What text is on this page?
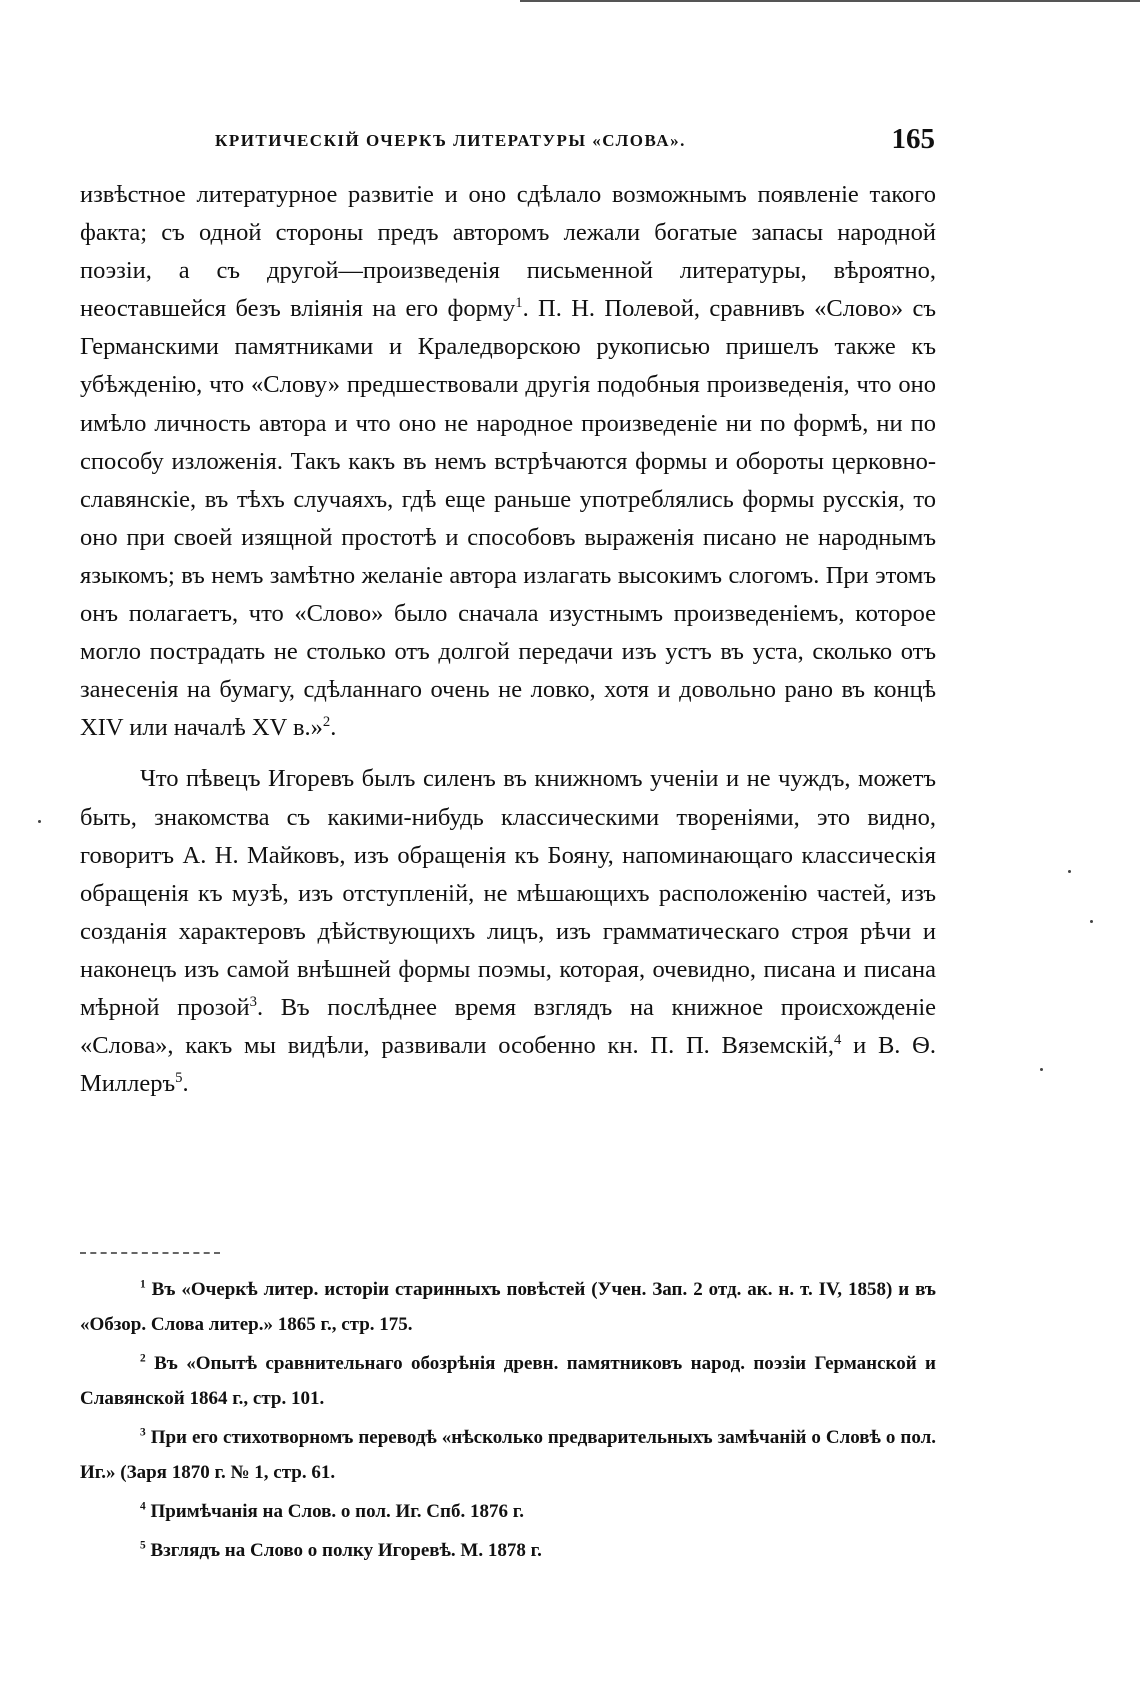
КРИТИЧЕСКІЙ ОЧЕРКЪ ЛИТЕРАТУРЫ «СЛОВА».	165

извѣстное литературное развитіе и оно сдѣлало возможнымъ появленіе такого факта; съ одной стороны предъ авторомъ лежали богатые запасы народной поэзіи, а съ другой—произведенія письменной литературы, вѣроятно, неоставшейся безъ вліянія на его форму$^1$. П. Н. Полевой, сравнивъ «Слово» съ Германскими памятниками и Краледворскою рукописью пришелъ также къ убѣжденію, что «Слову» предшествовали другія подобныя произведенія, что оно имѣло личность автора и что оно не народное произведеніе ни по формѣ, ни по способу изложенія. Такъ какъ въ немъ встрѣчаются формы и обороты церковно-славянскіе, въ тѣхъ случаяхъ, гдѣ еще раньше употреблялись формы русскія, то оно при своей изящной простотѣ и способовъ выраженія писано не народнымъ языкомъ; въ немъ замѣтно желаніе автора излагать высокимъ слогомъ. При этомъ онъ полагаетъ, что «Слово» было сначала изустнымъ произведеніемъ, которое могло пострадать не столько отъ долгой передачи изъ устъ въ уста, сколько отъ занесенія на бумагу, сдѣланнаго очень не ловко, хотя и довольно рано въ концѣ XIV или началѣ XV в.»$^2$.

Что пѣвецъ Игоревъ былъ силенъ въ книжномъ ученіи и не чуждъ, можетъ быть, знакомства съ какими-нибудь классическими твореніями, это видно, говоритъ А. Н. Майковъ, изъ обращенія къ Бояну, напоминающаго классическія обращенія къ музѣ, изъ отступленій, не мѣшающихъ расположенію частей, изъ созданія характеровъ дѣйствующихъ лицъ, изъ грамматическаго строя рѣчи и наконецъ изъ самой внѣшней формы поэмы, которая, очевидно, писана и писана мѣрной прозой$^3$. Въ послѣднее время взглядъ на книжное происхожденіе «Слова», какъ мы видѣли, развивали особенно кн. П. П. Вяземскій,$^4$ и В. Ѳ. Миллеръ$^5$.

$^1$ Въ «Очеркѣ литер. исторіи старинныхъ повѣстей (Учен. Зап. 2 отд. ак. н. т. IV, 1858) и въ «Обзор. Слова литер.» 1865 г., стр. 175.

$^2$ Въ «Опытѣ сравнительнаго обозрѣнія древн. памятниковъ народ. поэзіи Германской и Славянской 1864 г., стр. 101.

$^3$ При его стихотворномъ переводѣ «нѣсколько предварительныхъ замѣчаній о Словѣ о пол. Иг.» (Заря 1870 г. № 1, стр. 61.

$^4$ Примѣчанія на Слов. о пол. Иг. Спб. 1876 г.

$^5$ Взглядъ на Слово о полку Игоревѣ. М. 1878 г.
